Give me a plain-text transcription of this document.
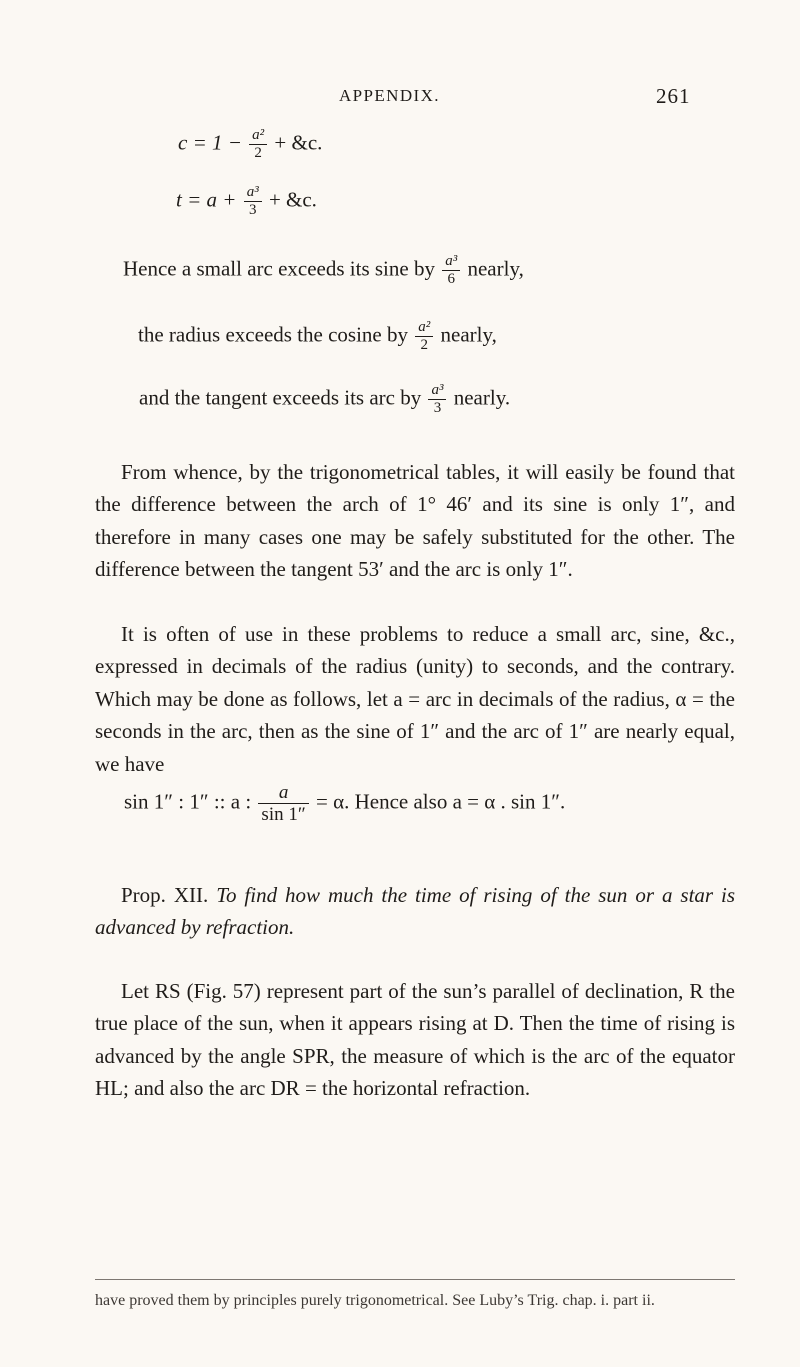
APPENDIX.	261
$c = 1 - \frac{\text{a²}}{2}$ + &c.
$t = a + \frac{\text{a³}}{3}$ + &c.
Hence a small arc exceeds its sine by $\frac{\text{a³}}{6}$ nearly,
the radius exceeds the cosine by $\frac{\text{a²}}{2}$ nearly,
and the tangent exceeds its arc by $\frac{\text{a³}}{3}$ nearly.

From whence, by the trigonometrical tables, it will easily be found that the difference between the arch of 1° 46′ and its sine is only 1″, and therefore in many cases one may be safely substituted for the other. The difference between the tangent 53′ and the arc is only 1″.

It is often of use in these problems to reduce a small arc, sine, &c., expressed in decimals of the radius (unity) to seconds, and the contrary. Which may be done as follows, let a = arc in decimals of the radius, α = the seconds in the arc, then as the sine of 1″ and the arc of 1″ are nearly equal, we have

sin 1″ : 1″ :: a : $\frac{a}{\sin 1''} = \alpha$. Hence also a = α . sin 1″.

Prop. XII. To find how much the time of rising of the sun or a star is advanced by refraction.

Let RS (Fig. 57) represent part of the sun’s parallel of declination, R the true place of the sun, when it appears rising at D. Then the time of rising is advanced by the angle SPR, the measure of which is the arc of the equator HL; and also the arc DR = the horizontal refraction.

have proved them by principles purely trigonometrical. See Luby’s Trig. chap. i. part ii.
